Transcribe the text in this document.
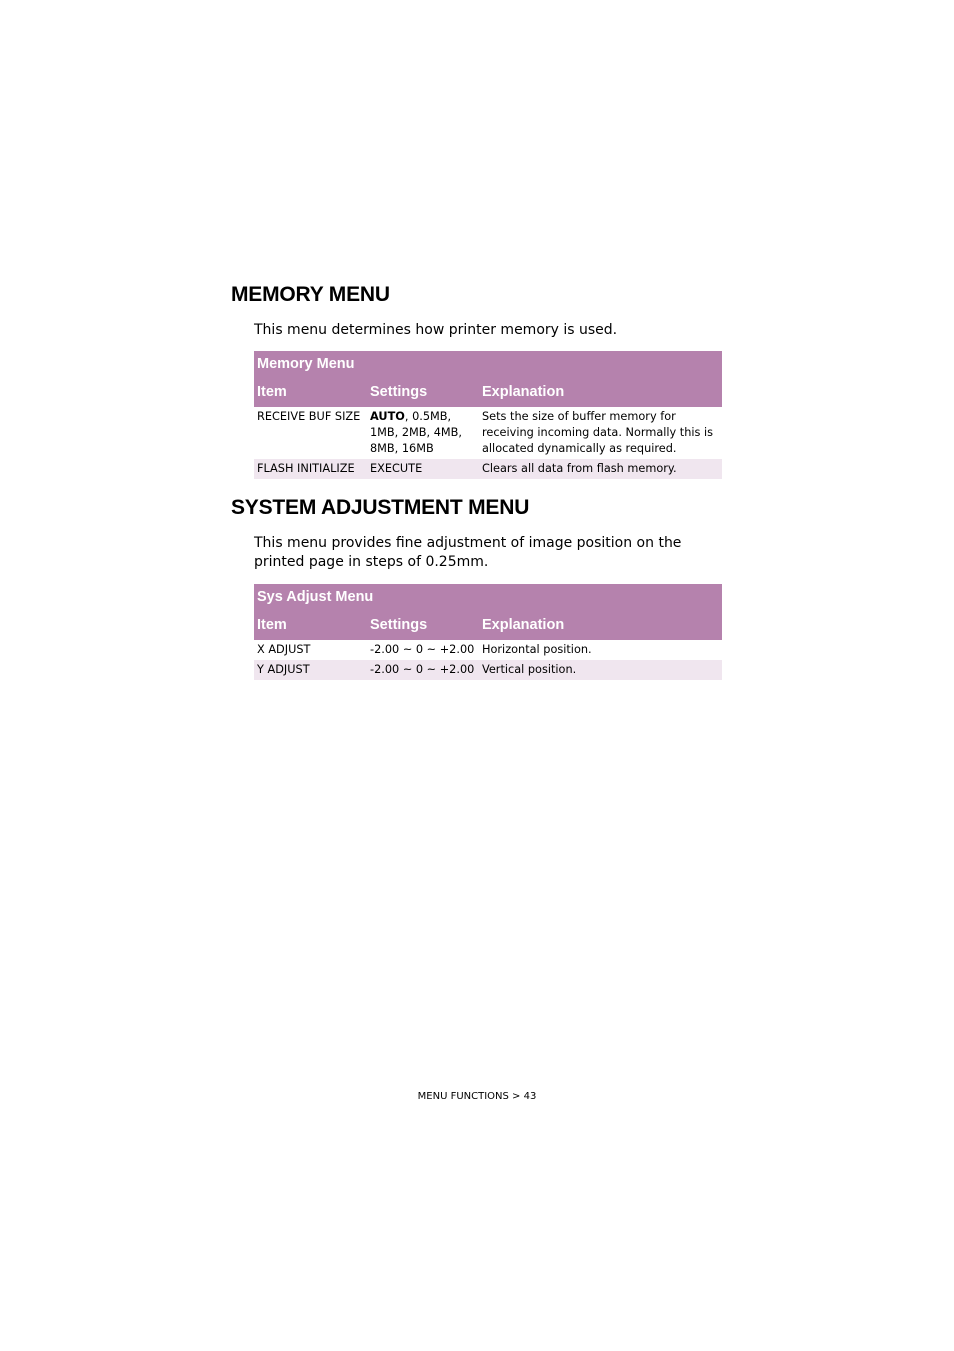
MEMORY MENU

This menu determines how printer memory is used.

Memory Menu		
Item	Settings	Explanation
RECEIVE BUF SIZE	AUTO, 0.5MB, 1MB, 2MB, 4MB, 8MB, 16MB	Sets the size of buffer memory for receiving incoming data. Normally this is allocated dynamically as required.
FLASH INITIALIZE	EXECUTE	Clears all data from flash memory.
SYSTEM ADJUSTMENT MENU

This menu provides fine adjustment of image position on the printed page in steps of 0.25mm.

Sys Adjust Menu		
Item	Settings	Explanation
X ADJUST	-2.00 ~ 0 ~ +2.00	Horizontal position.
Y ADJUST	-2.00 ~ 0 ~ +2.00	Vertical position.
MENU FUNCTIONS > 43
